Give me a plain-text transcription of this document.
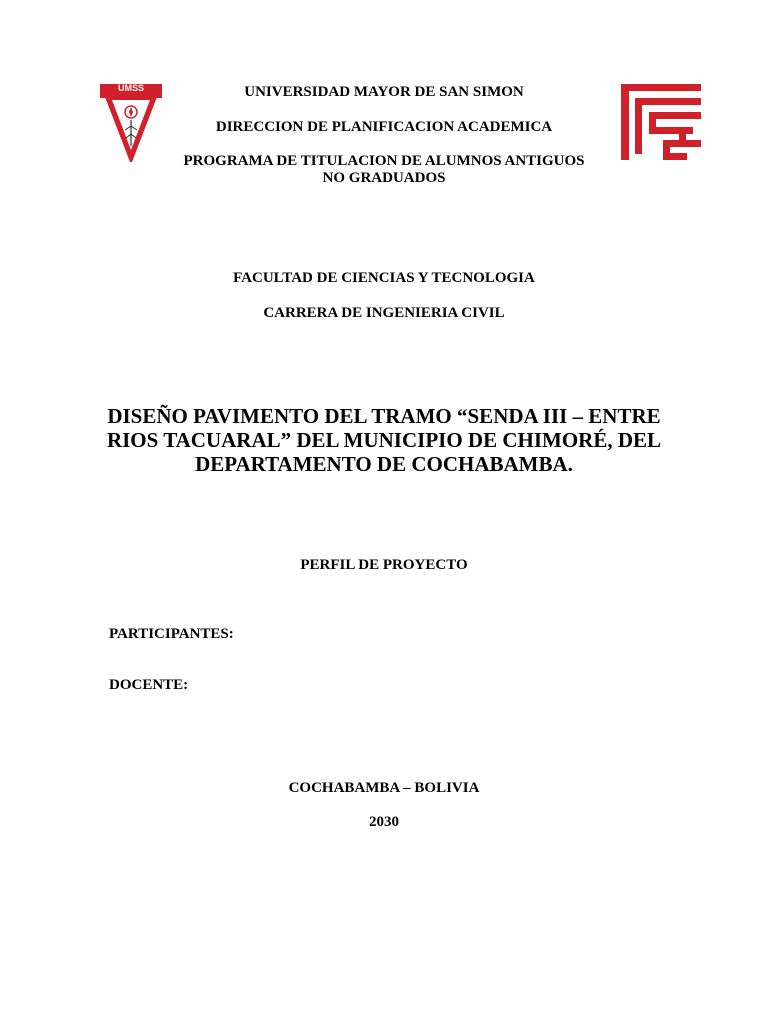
UMSS	UNIVERSIDAD MAYOR DE SAN SIMON
DIRECCION DE PLANIFICACION ACADEMICA
PROGRAMA DE TITULACION DE ALUMNOS ANTIGUOS
NO GRADUADOS
FACULTAD DE CIENCIAS Y TECNOLOGIA
CARRERA DE INGENIERIA CIVIL
DISEÑO PAVIMENTO DEL TRAMO “SENDA III – ENTRE
RIOS TACUARAL” DEL MUNICIPIO DE CHIMORÉ, DEL
DEPARTAMENTO DE COCHABAMBA.
PERFIL DE PROYECTO
PARTICIPANTES:
DOCENTE:
COCHABAMBA – BOLIVIA
2030
